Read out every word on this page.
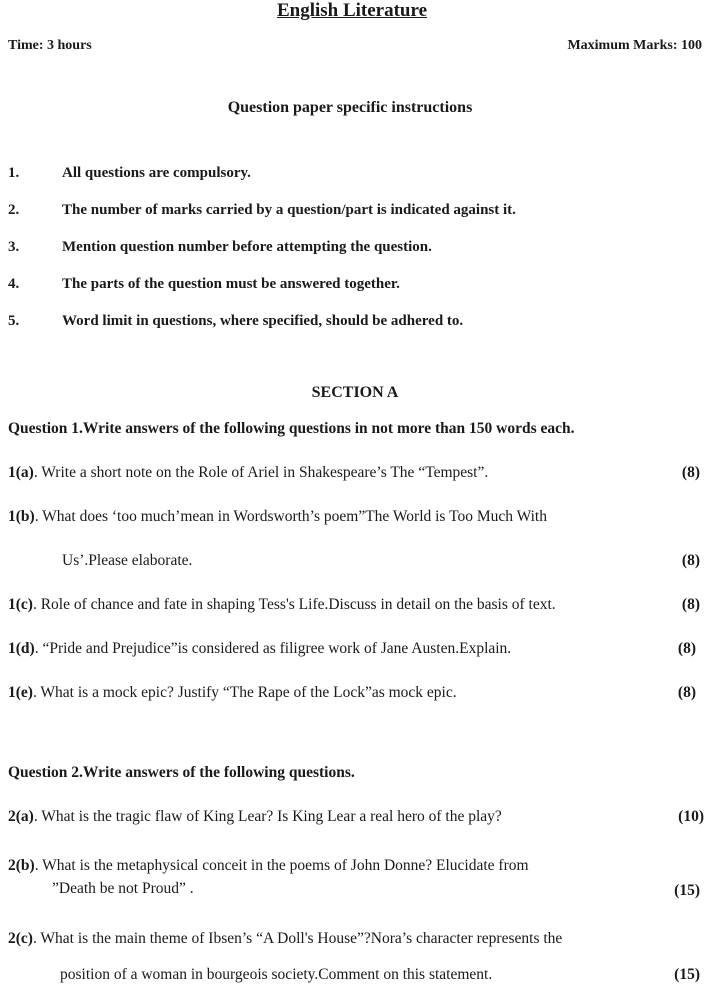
English Literature
Time: 3 hours	Maximum Marks: 100
Question paper specific instructions
1.	All questions are compulsory.
2.	The number of marks carried by a question/part is indicated against it.
3.	Mention question number before attempting the question.
4.	The parts of the question must be answered together.
5.	Word limit in questions, where specified, should be adhered to.
SECTION A
Question 1.Write answers of the following questions in not more than 150 words each.
1(a). Write a short note on the Role of Ariel in Shakespeare’s The “Tempest”.	(8)
1(b). What does ‘too much’mean in Wordsworth’s poem”The World is Too Much With
Us’.Please elaborate.	(8)
1(c). Role of chance and fate in shaping Tess's Life.Discuss in detail on the basis of text.	(8)
1(d). “Pride and Prejudice”is considered as filigree work of Jane Austen.Explain.	(8)
1(e). What is a mock epic? Justify “The Rape of the Lock”as mock epic.	(8)
Question 2.Write answers of the following questions.
2(a). What is the tragic flaw of King Lear? Is King Lear a real hero of the play?	(10)
2(b). What is the metaphysical conceit in the poems of John Donne? Elucidate from
”Death be not Proud” .	(15)
2(c). What is the main theme of Ibsen’s “A Doll's House”?Nora’s character represents the
position of a woman in bourgeois society.Comment on this statement.	(15)
